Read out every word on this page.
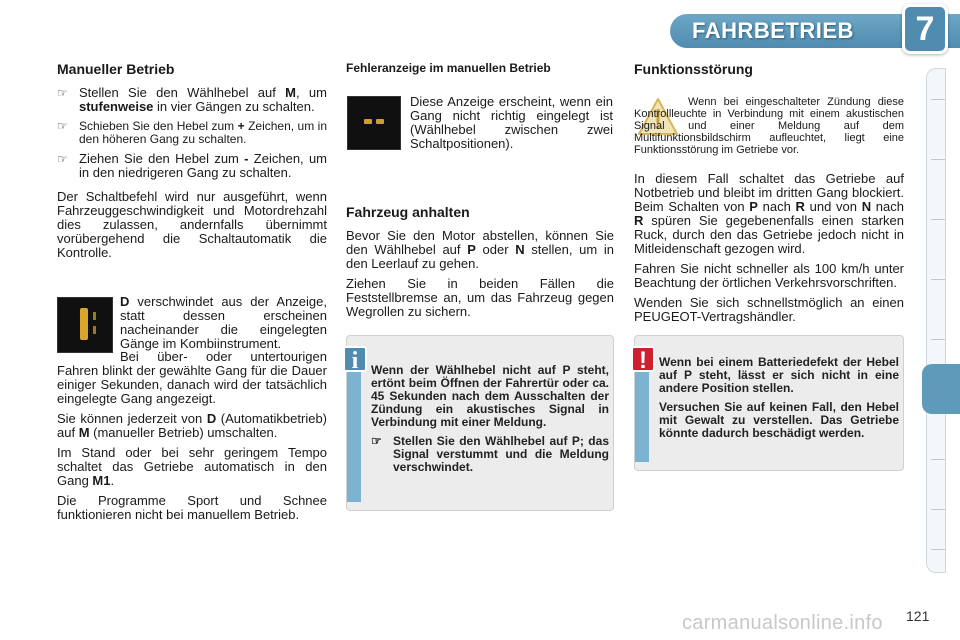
FAHRBETRIEB	7
Manueller Betrieb
☞ Stellen Sie den Wählhebel auf M, um stufenweise in vier Gängen zu schalten.
☞ Schieben Sie den Hebel zum + Zeichen, um in den höheren Gang zu schalten.
☞ Ziehen Sie den Hebel zum - Zeichen, um in den niedrigeren Gang zu schalten.

Der Schaltbefehl wird nur ausgeführt, wenn Fahrzeuggeschwindigkeit und Motordrehzahl dies zulassen, andernfalls übernimmt vorübergehend die Schaltautomatik die Kontrolle.

D verschwindet aus der Anzeige, statt dessen erscheinen nacheinander die eingelegten Gänge im Kombiinstrument.

Bei über- oder untertourigen Fahren blinkt der gewählte Gang für die Dauer einiger Sekunden, danach wird der tatsächlich eingelegte Gang angezeigt.

Sie können jederzeit von D (Automatikbetrieb) auf M (manueller Betrieb) umschalten.

Im Stand oder bei sehr geringem Tempo schaltet das Getriebe automatisch in den Gang M1.

Die Programme Sport und Schnee funktionieren nicht bei manuellem Betrieb.

Fehleranzeige im manuellen Betrieb

Diese Anzeige erscheint, wenn ein Gang nicht richtig eingelegt ist (Wählhebel zwischen zwei Schaltpositionen).

Fahrzeug anhalten

Bevor Sie den Motor abstellen, können Sie den Wählhebel auf P oder N stellen, um in den Leerlauf zu gehen.

Ziehen Sie in beiden Fällen die Feststellbremse an, um das Fahrzeug gegen Wegrollen zu sichern.

i	Wenn der Wählhebel nicht auf P steht, ertönt beim Öffnen der Fahrertür oder ca. 45 Sekunden nach dem Ausschalten der Zündung ein akustisches Signal in Verbindung mit einer Meldung.

☞ Stellen Sie den Wählhebel auf P; das Signal verstummt und die Meldung verschwindet.
Funktionsstörung

Wenn bei eingeschalteter Zündung diese Kontrollleuchte in Verbindung mit einem akustischen Signal und einer Meldung auf dem Multifunktionsbildschirm aufleuchtet, liegt eine Funktionsstörung im Getriebe vor.

In diesem Fall schaltet das Getriebe auf Notbetrieb und bleibt im dritten Gang blockiert. Beim Schalten von P nach R und von N nach R spüren Sie gegebenenfalls einen starken Ruck, durch den das Getriebe jedoch nicht in Mitleidenschaft gezogen wird.

Fahren Sie nicht schneller als 100 km/h unter Beachtung der örtlichen Verkehrsvorschriften.

Wenden Sie sich schnellstmöglich an einen PEUGEOT-Vertragshändler.

!	Wenn bei einem Batteriedefekt der Hebel auf P steht, lässt er sich nicht in eine andere Position stellen.

Versuchen Sie auf keinen Fall, den Hebel mit Gewalt zu verstellen. Das Getriebe könnte dadurch beschädigt werden.

carmanualsonline.info 121
